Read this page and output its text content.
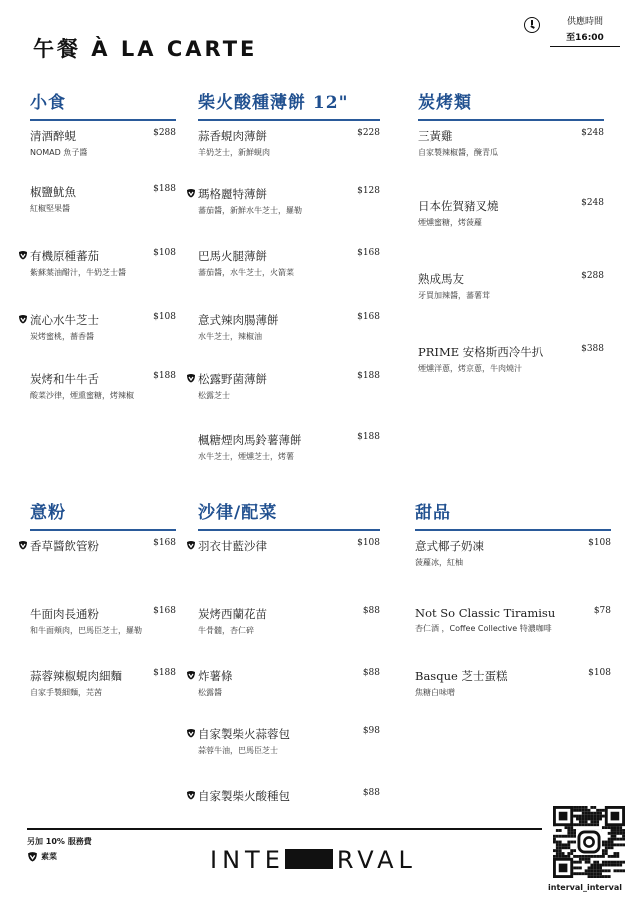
午餐 À LA CARTE
供應時間
至16:00
小食
清酒醉蜆
NOMAD 魚子醬
$288
椒鹽魷魚
紅椒堅果醬
$188
有機原種蕃茄
紫蘇葉油醋汁，牛奶芝士醬
$108
流心水牛芝士
炭烤蜜桃，薔香醬
$108
炭烤和牛牛舌
酸菜沙律，煙熏蜜糖，烤辣椒
$188
柴火酸種薄餅 12"
蒜香蜆肉薄餅
羊奶芝士，新鮮蜆肉
$228
瑪格麗特薄餅
蕃茄醬，新鮮水牛芝士，羅勒
$128
巴馬火腿薄餅
蕃茄醬，水牛芝士，火箭菜
$168
意式辣肉腸薄餅
水牛芝士，辣椒油
$168
松露野菌薄餅
松露芝士
$188
楓糖煙肉馬鈴薯薄餅
水牛芝士，煙燻芝士，烤薯
$188
炭烤類
三黃雞
自家製辣椒醬，醃青瓜
$248
日本佐賀豬叉燒
煙燻蜜糖，烤菠蘿
$248
熟成馬友
牙買加辣醬，蕃薯茸
$288
PRIME 安格斯西冷牛扒
煙燻洋蔥，烤京蔥，牛肉燒汁
$388
意粉
香草醬飲管粉	$168
牛面肉長通粉
和牛面頰肉，巴馬臣芝士，羅勒
$168
蒜蓉辣椒蜆肉細麵
自家手製細麵，芫茜
$188
沙律/配菜
羽衣甘藍沙律	$108
炭烤西蘭花苗
牛骨髓，杏仁碎
$88
炸薯條
松露醬
$88
自家製柴火蒜蓉包
蒜蓉牛油，巴馬臣芝士
$98
自家製柴火酸種包	$88
甜品
意式椰子奶凍
菠蘿冰，紅柚
$108
Not So Classic Tiramisu
杏仁酒 ，Coffee Collective 特濃咖啡
$78
Basque 芝士蛋糕
焦糖白味噌
$108
另加 10% 服務費
素菜	INTE RVAL
interval_interval
